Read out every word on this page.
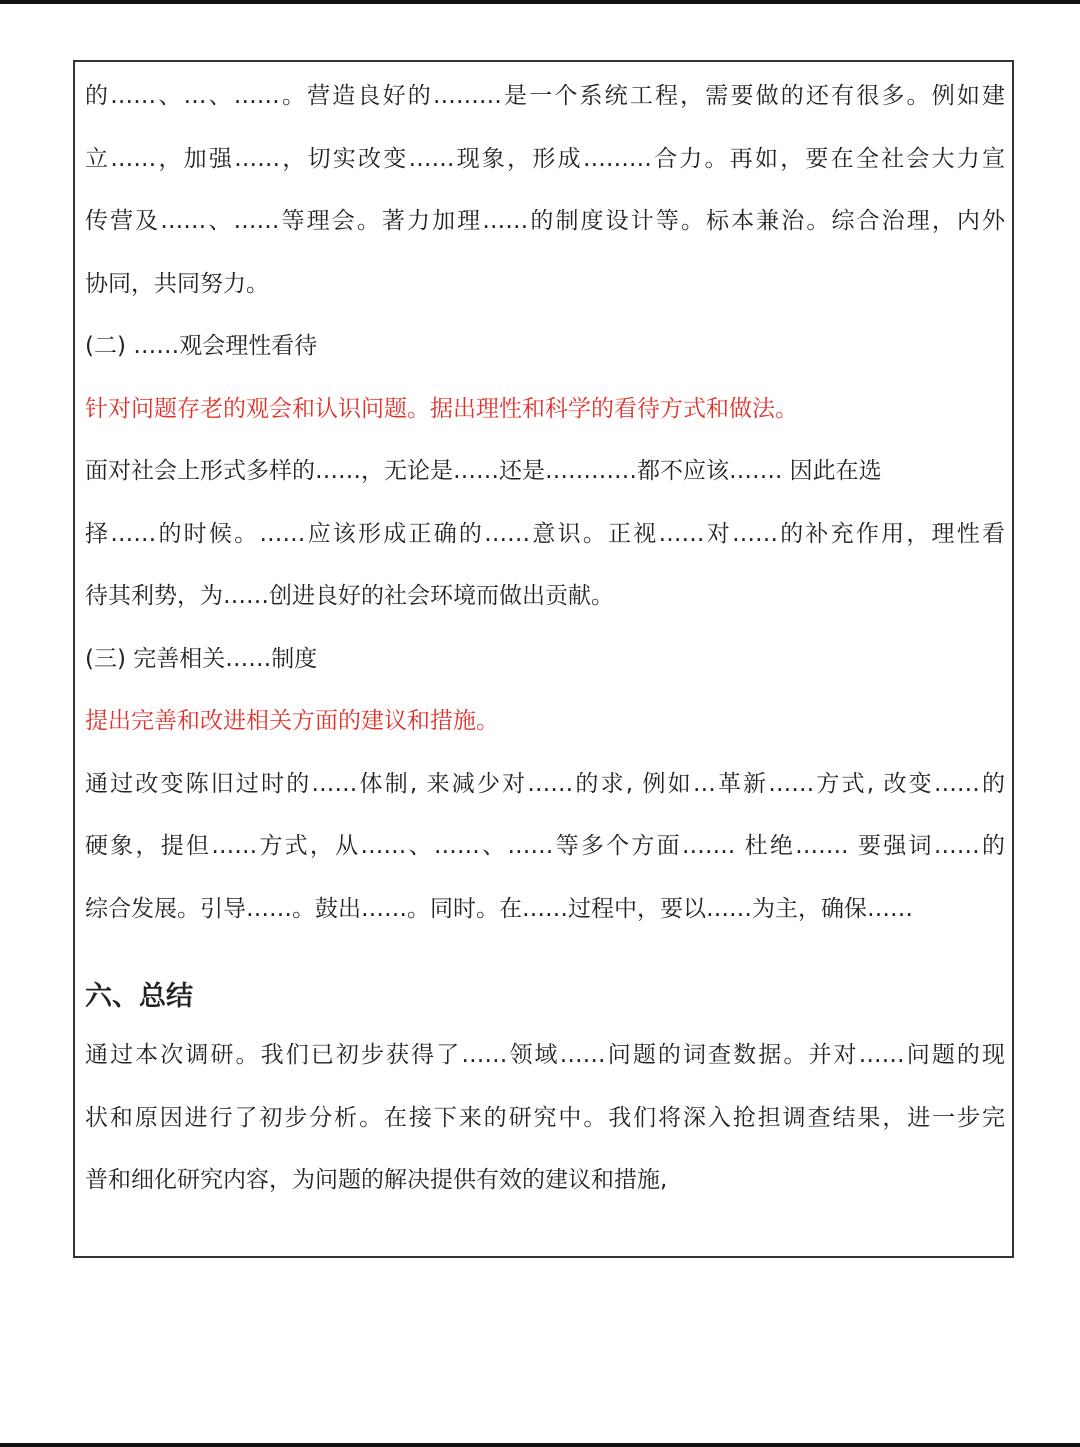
的……、…、……。营造良好的………是一个系统工程，需要做的还有很多。例如建
立……，加强……，切实改变……现象，形成………合力。再如，要在全社会大力宣
传营及……、……等理会。著力加理……的制度设计等。标本兼治。综合治理，内外
协同，共同努力。
(二) ……观会理性看待
针对问题存老的观会和认识问题。据出理性和科学的看待方式和做法。
面对社会上形式多样的……，无论是……还是…………都不应该……. 因此在选
择……的时候。……应该形成正确的……意识。正视……对……的补充作用，理性看
待其利势，为……创进良好的社会环境而做出贡献。
(三) 完善相关……制度
提出完善和改进相关方面的建议和措施。
通过改变陈旧过时的……体制, 来减少对……的求, 例如…革新……方式, 改变……的
硬象，提但……方式，从……、……、……等多个方面……. 杜绝……. 要强词……的
综合发展。引导……。鼓出……。同时。在……过程中，要以……为主，确保……
六、总结
通过本次调研。我们已初步获得了……领域……问题的词查数据。并对……问题的现
状和原因进行了初步分析。在接下来的研究中。我们将深入抢担调查结果，进一步完
普和细化研究内容，为问题的解决提供有效的建议和措施,
